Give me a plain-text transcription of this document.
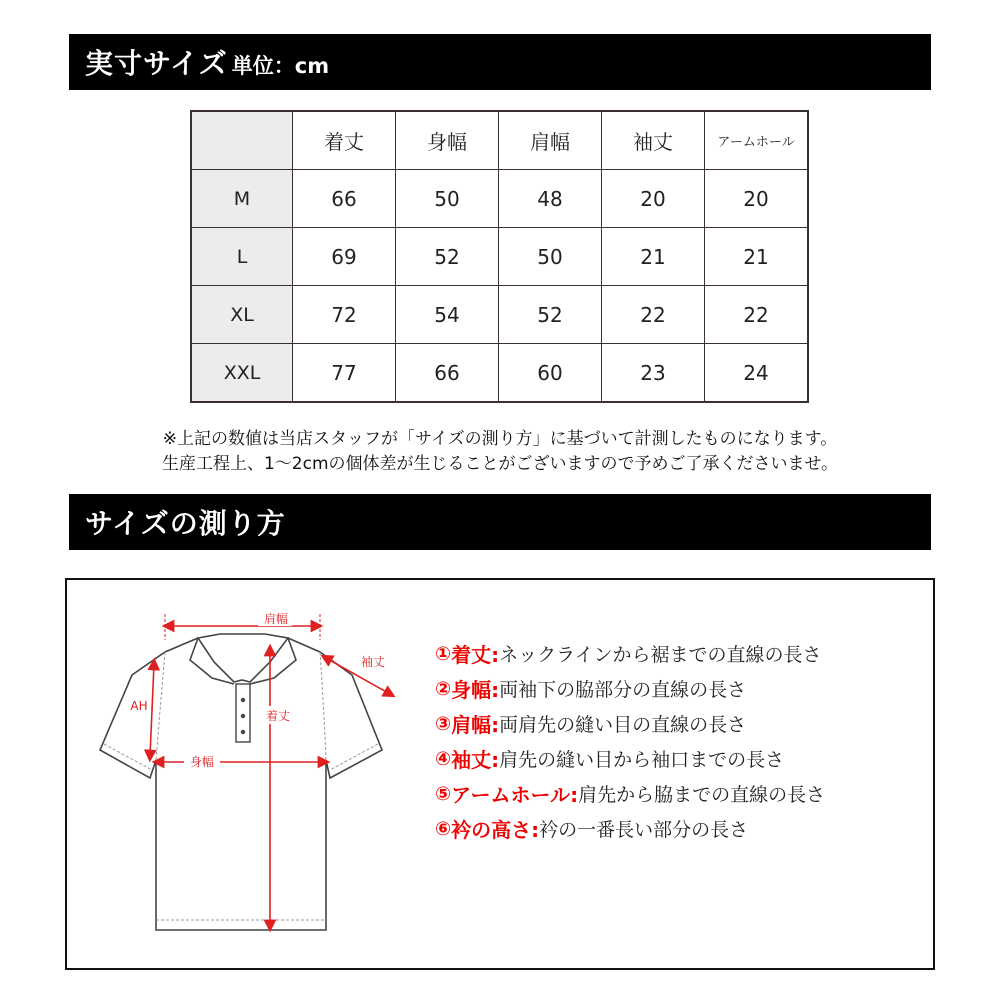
実寸サイズ 単位：cm
	着丈	身幅	肩幅	袖丈	アームホール
M	66	50	48	20	20
L	69	52	50	21	21
XL	72	54	52	22	22
XXL	77	66	60	23	24
※上記の数値は当店スタッフが「サイズの測り方」に基づいて計測したものになります。
生産工程上、1〜2cmの個体差が生じることがございますので予めご了承くださいませ。
サイズの測り方
肩幅
袖丈
AH
着丈
身幅
① 着丈: ネックラインから裾までの直線の長さ
② 身幅: 両袖下の脇部分の直線の長さ
③ 肩幅: 両肩先の縫い目の直線の長さ
④ 袖丈: 肩先の縫い目から袖口までの長さ
⑤ アームホール: 肩先から脇までの直線の長さ
⑥ 衿の高さ: 衿の一番長い部分の長さ
